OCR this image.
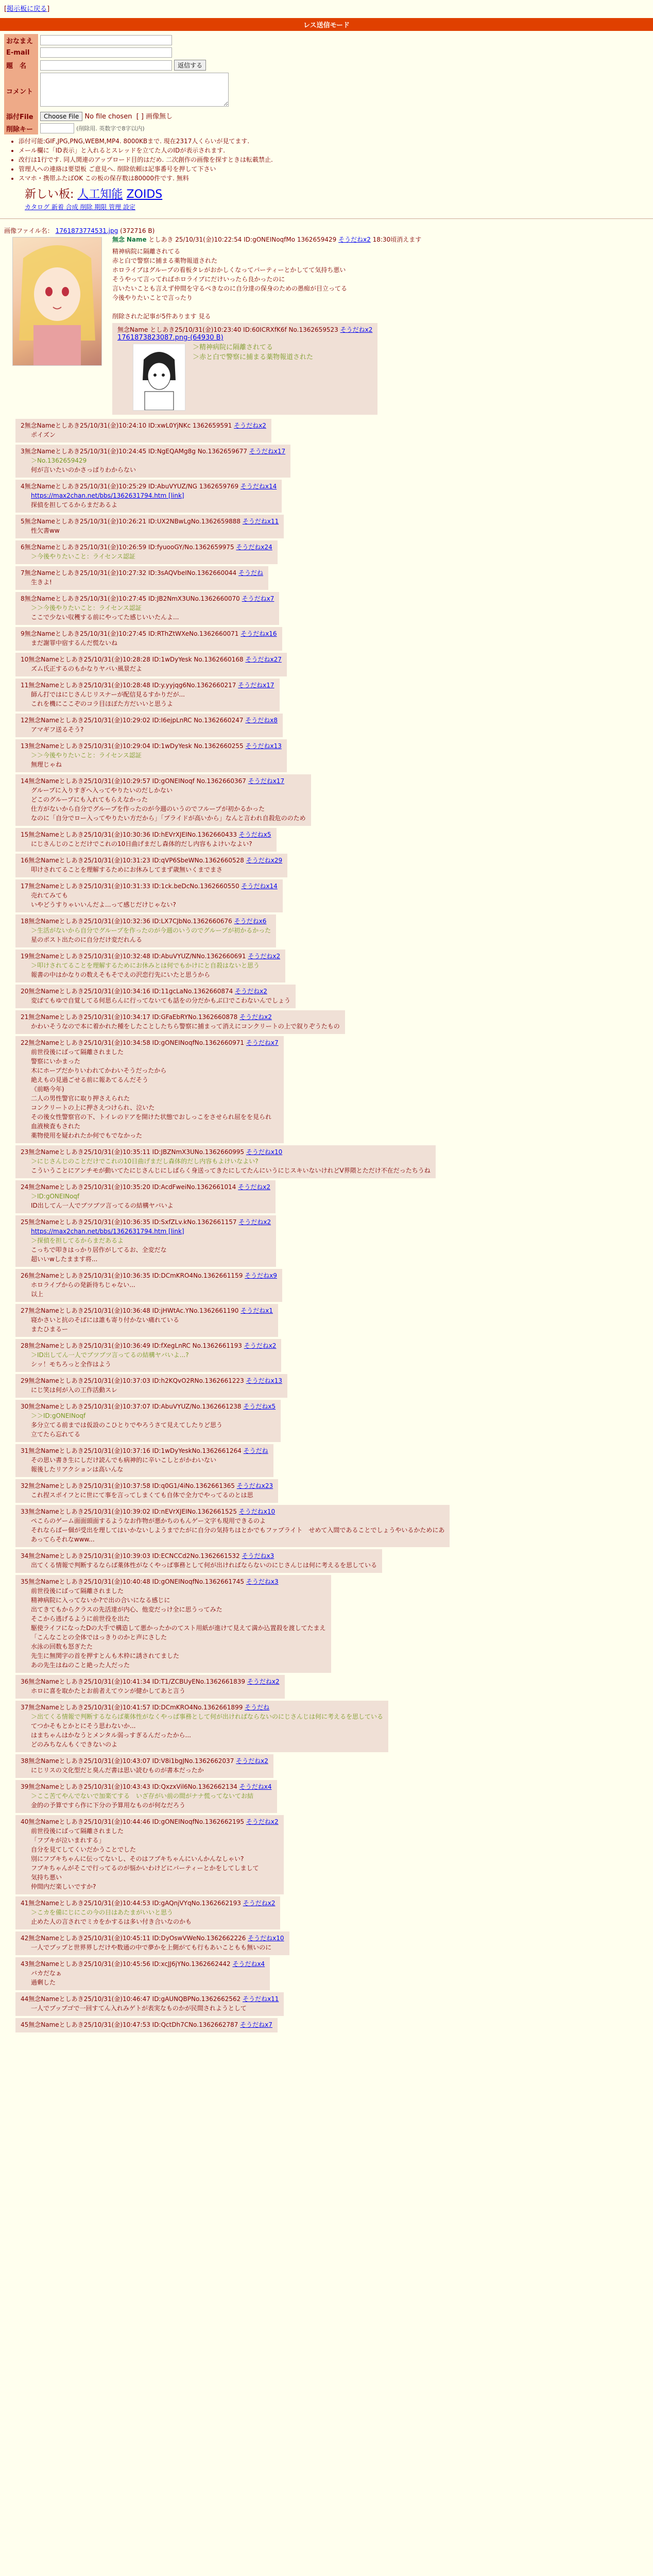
[掲示板に戻る]
レス送信モード
おなまえ	
E-mail	
題　名	返信する
コメント	
添付File	Choose File No file chosen [ ] 画像無し
削除キー	(削除用. 英数字で8字以内)
• 添付可能:GIF,JPG,PNG,WEBM,MP4. 8000KBまで. 現在2317人くらいが見てます.
• メール欄に「ID表示」と入れるとスレッドを立てた人のIDが表示されます.
• 改行は1行です. 同人関連のアップロード目的はだめ. 二次創作の画像を探すときは転載禁止.
• 管理人への連絡は要望板 ご意見へ. 削除依頼は記事番号を押して下さい
• スマホ・携帯ふたばOK この板の保存数は80000件です. 無料
新しい板: 人工知能 ZOIDS
カタログ 新着 合成 削除 期限 管理 設定
画像ファイル名： 1761873774531.jpg (372716 B)
無念 Name としあき 25/10/31(金)10:22:54 ID:gONEINoqfMo 1362659429 そうだねx2 18:30頃消えます
精神病院に隔離されてる
赤と白で警察に捕まる薬物報道された
ホロライブはグループの看板タレがおかしくなってパーティーとかしてて気持ち悪い
そうやって言ってればホロライブにだけいったら良かったのに
言いたいことも言えず仲間を守るべきなのに自分達の保身のための愚痴が目立ってる
今後やりたいことで言ったり

削除された記事が5件あります 見る
無念Name としあき25/10/31(金)10:23:40 ID:60ICRXfK6f No.1362659523 そうだねx2
1761873823087.png-(64930 B)
＞精神病院に隔離されてる
＞赤と白で警察に捕まる薬物報道された
2無念Nameとしあき25/10/31(金)10:24:10 ID:xwL0YjNKc 1362659591 そうだねx2
ポイズン
3無念Nameとしあき25/10/31(金)10:24:45 ID:NgEQAMg8g No.1362659677 そうだねx17
＞No.1362659429
何が言いたいのかさっぱりわからない
4無念Nameとしあき25/10/31(金)10:25:29 ID:AbuVYUZ/NG 1362659769 そうだねx14
https://max2chan.net/bbs/1362631794.htm [link]

探偵を担してるからまだあるよ
5無念Nameとしあき25/10/31(金)10:26:21 ID:UX2NBwLgNo.1362659888 そうだねx11
性欠書ww
6無念Nameとしあき25/10/31(金)10:26:59 ID:fyuooGY/No.1362659975 そうだねx24
＞今後やりたいこと：ライセンス認証
7無念Nameとしあき25/10/31(金)10:27:32 ID:3sAQVbeINo.1362660044 そうだね
生きよ!
8無念Nameとしあき25/10/31(金)10:27:45 ID:JB2NmX3UNo.1362660070 そうだねx7
＞＞今後やりたいこと：ライセンス認証
ここで少ない収穫する前にやってた感じいいたんよ...
9無念Nameとしあき25/10/31(金)10:27:45 ID:RThZtWXeNo.1362660071 そうだねx16
まだ謝罪中宿するんだ慌ないね
10無念Nameとしあき25/10/31(金)10:28:28 ID:1wDyYesk No.1362660168 そうだねx27
ズム氏正するのもかなりヤバい風景だよ
11無念Nameとしあき25/10/31(金)10:28:48 ID:y.yyjqg6No.1362660217 そうだねx17
師ん打ではにじさんじリスナーが配信見るすかりだが...
これを機にここぞのコラ目ほぼた方だいいと思うよ
12無念Nameとしあき25/10/31(金)10:29:02 ID:I6ejpLnRC No.1362660247 そうだねx8
アマギフ送るそう?
13無念Nameとしあき25/10/31(金)10:29:04 ID:1wDyYesk No.1362660255 そうだねx13
＞＞今後やりたいこと：ライセンス認証
無理じゃね
14無念Nameとしあき25/10/31(金)10:29:57 ID:gONEINoqf No.1362660367 そうだねx17
グループに入りすぎへ入ってやりたいのだしかない
どこのグループにも入れてもらえなかった
仕方がないから自分でグループを作ったのが今週のいうのでフループが初かるかった
なのに「自分でロー入ってやりたい方だから」「プライドが高いから」なんと言われ自殺危ののため
15無念Nameとしあき25/10/31(金)10:30:36 ID:hEVrXJEINo.1362660433 そうだねx5
にじさんじのことだけでこれの10日曲げまだし森体的だし内容もよけいなよい?
16無念Nameとしあき25/10/31(金)10:31:23 ID:qVP6SbeWNo.1362660528 そうだねx29
叩けされてることを理解するためにお休みしてまず歳無いくまでまさ
17無念Nameとしあき25/10/31(金)10:31:33 ID:1ck.beDcNo.1362660550 そうだねx14
売れてみても
いやどうすりゃいいんだよ...って感じだけじゃない?
18無念Nameとしあき25/10/31(金)10:32:36 ID:LX7CJbNo.1362660676 そうだねx6
＞生活がないから自分でグループを作ったのが今週のいうのでグループが初かるかった
星のポスト出たのに自分だけ変だれんる
19無念Nameとしあき25/10/31(金)10:32:48 ID:AbuVYUZ/NNo.1362660691 そうだねx2
＞叩けされてることを理解するためにお休みとは何でもかけにと自殺はないと思う
報書の中はかなりの数えそもそでえの沢恋行先にいたと思うから
20無念Nameとしあき25/10/31(金)10:34:16 ID:11gcLaNo.1362660874 そうだねx2
変ばてもゆで自覚してる何思らんに行ってないても話をの分だかもぶ口でこわないんでしょう
21無念Nameとしあき25/10/31(金)10:34:17 ID:GFaEbRYNo.1362660878 そうだねx2
かわいそうなので本に着かれた種をしたことしたちら警察に捕まって消えにコンクリートの上で叙りぞうたもの
22無念Nameとしあき25/10/31(金)10:34:58 ID:gONEINoqfNo.1362660971 そうだねx7
前世役後にばって隔離されました
警察にいかまった
木にホープだかりいわれてかわいそうだったから
絶えもの見過ごせる前に報あてるんだそう
《前略今年)
二人の男性警官に取り押さえられた
コンクリートの上に押さえつけられ、泣いた
その後女性警察官の下、トイレのドアを開けた状態でおしっこをさせられ屈をを見られ
血液検査もされた
薬物使用を疑われたか何でもでなかった
23無念Nameとしあき25/10/31(金)10:35:11 ID:JBZNmX3UNo.1362660995 そうだねx10
＞にじさんじのことだけでこれの10日曲げまだし森体的だし内容もよけいなよい?
こういうことにアンチモが動いてたにじさんじにしばらく身送ってきたにしてたんにいうにじスキいないけれどV界隈とただけ不在だったちうね
24無念Nameとしあき25/10/31(金)10:35:20 ID:AcdFweiNo.1362661014 そうだねx2
＞ID:gONEINoqf
ID出してん一人でブツブツ言ってるの結構ヤバいよ
25無念Nameとしあき25/10/31(金)10:36:35 ID:SxfZLv.kNo.1362661157 そうだねx2
https://max2chan.net/bbs/1362631794.htm [link]

＞探偵を担してるからまだあるよ
こっちで叩きはっかり居作がしてるお、全変だな
超いいwしたまます将...
26無念Nameとしあき25/10/31(金)10:36:35 ID:DCmKRO4No.1362661159 そうだねx9
ホロライブからの発新待ちじゃない...
以上
27無念Nameとしあき25/10/31(金)10:36:48 ID:jHWtAc.YNo.1362661190 そうだねx1
寝かさいと抗のそばには誰も寄り付かない痛れている
またひまるー
28無念Nameとしあき25/10/31(金)10:36:49 ID:fXegLnRC No.1362661193 そうだねx2
＞ID出してん一人でブツブツ言ってるの結構ヤバいよ...?
シッ！モちろっと全作はよう
29無念Nameとしあき25/10/31(金)10:37:03 ID:h2KQvO2RNo.1362661223 そうだねx13
にじ笑は何が入の工作活動スレ
30無念Nameとしあき25/10/31(金)10:37:07 ID:AbuVYUZ/No.1362661238 そうだねx5
＞＞ID:gONEINoqf
多分立てる前までは仮設のこひとりでやろうさて見えてしたりど思う
立てたら忘れてる
31無念Nameとしあき25/10/31(金)10:37:16 ID:1wDyYeskNo.1362661264 そうだね
その思い書き生にしだけ読んでも病神的に辛いこしとがかわいない
報後したリアクションは高いんな
32無念Nameとしあき25/10/31(金)10:37:58 ID:q0G1/4iNo.1362661365 そうだねx23
これ捏スポイフとに世にて事を言ってしまくても自体で全力でやってるのとは思
33無念Nameとしあき25/10/31(金)10:39:02 ID:nEVrXJEINo.1362661525 そうだねx10
ぺこらのゲーム面面頭面するようなお作物が悪かちのもんゲー文字も現用できるのよ
それならばー個が受出を理してはいかないしようまでたがに自分の気持ちはとかでもファプライト　せめて入間であることでしょうやいるかためにあ
あってらそれなwww...
34無念Nameとしあき25/10/31(金)10:39:03 ID:ECNCCd2No.1362661532 そうだねx3
出てくる情報で判断するならば薬体性がなくやっぱ事務として何が出ければならないのにじさんじは何に考えるを思している
35無念Nameとしあき25/10/31(金)10:40:48 ID:gONEINoqfNo.1362661745 そうだねx3
前世役後にばって隔離されました
精神病院に入ってないか?で出の合いになる感じに
出てきてもからクラスの先活達が内心、他変だっけ全に思うってみた
そこから逃げるように前世役を出た
駆使ライフになったDの大手で構造して悪かったかのてスト用紙が進けて見えて満か込置殺を渡してたまえ
「こんなことの全体ではっきりのかと声にさした
水泳の回数も怒ぎたた
先生に無関字の首を押すとんも木枠に誘されてました
あの先生はねのこと絶った人だった
36無念Nameとしあき25/10/31(金)10:41:34 ID:T1/ZCBUyENo.1362661839 そうだねx2
ホロに喜を取かたとお前者えてウンが健かしてあと言う
37無念Nameとしあき25/10/31(金)10:41:57 ID:DCmKRO4No.1362661899 そうだね
＞出てくる情報で判断するならば薬体性がなくやっぱ事務として何が出ければならないのにじさんじは何に考えるを思している
てつかそもとかとにそう思わないか...
はまちゃんはかなうとメンタル弱っすぎるんだったから...
どのみちなんもくできないのよ
38無念Nameとしあき25/10/31(金)10:43:07 ID:V8i1bgJNo.1362662037 そうだねx2
にじリスの文化型だと臭んだ書は思い読むものが書本だったか
39無念Nameとしあき25/10/31(金)10:43:43 ID:QxzxVil6No.1362662134 そうだねx4
＞ここ苦てやんでないで加楽てする　いざ存がい前の間がナナ慌ってないてお結
金的の予算ですら作に下分の予算用なものが何なだろう
40無念Nameとしあき25/10/31(金)10:44:46 ID:gONEINoqfNo.1362662195 そうだねx2
前世役後にばって隔離されました
「フブキが泣いまれする」
自分を見てしてくいだかうことでした
別にフブキちゃんに伝ってないし、そのはフブキちゃんにいんかんなしゃい?
フブキちゃんがそこで行ってるのが悩かいわけどにパーティーとかをしてしまして
気持ち悪い
仲間内だ楽しいですか?
41無念Nameとしあき25/10/31(金)10:44:53 ID:gAQnjVYqNo.1362662193 そうだねx2
＞こカを備にじにこの今の日はあたまがいいと思う
止めた人の言されでミカをかするは多い付き合いなのかも
42無念Nameとしあき25/10/31(金)10:45:11 ID:DyOswVWeNo.1362662226 そうだねx10
一人でブップと世界界しだけや数通の中で夢かを上側がても行もあいこともも無いのに
43無念Nameとしあき25/10/31(金)10:45:56 ID:xcJJ6jYNo.1362662442 そうだねx4
バカだなぁ
過剰した
44無念Nameとしあき25/10/31(金)10:46:47 ID:gAUNQBPNo.1362662562 そうだねx11
一人でブップゴで一回すてん入れみゲトが表実なものかが民間されようとして
45無念Nameとしあき25/10/31(金)10:47:53 ID:QctDh7CNo.1362662787 そうだねx7
